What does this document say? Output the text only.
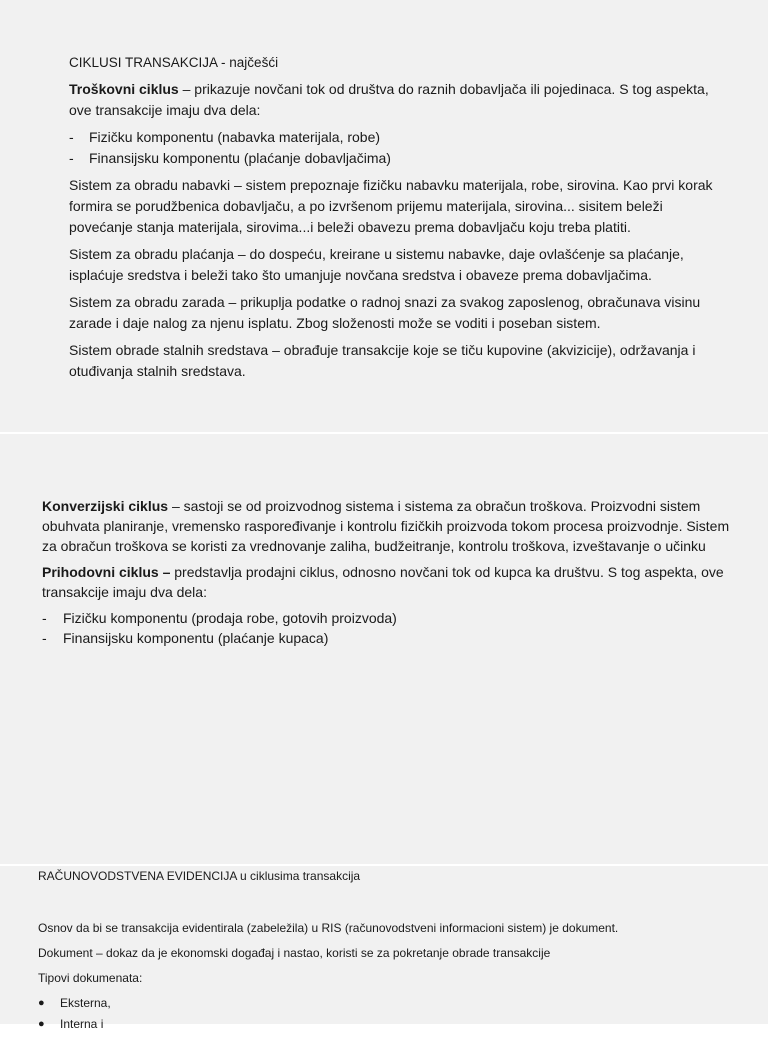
CIKLUSI TRANSAKCIJA - najčešći

Troškovni ciklus – prikazuje novčani tok od društva do raznih dobavljača ili pojedinaca. S tog aspekta, ove transakcije imaju dva dela:

- Fizičku komponentu (nabavka materijala, robe)
- Finansijsku komponentu (plaćanje dobavljačima)

Sistem za obradu nabavki – sistem prepoznaje fizičku nabavku materijala, robe, sirovina. Kao prvi korak formira se porudžbenica dobavljaču, a po izvršenom prijemu materijala, sirovina... sisitem beleži povećanje stanja materijala, sirovima...i beleži obavezu prema dobavljaču koju treba platiti.

Sistem za obradu plaćanja – do dospeću, kreirane u sistemu nabavke, daje ovlašćenje sa plaćanje, isplaćuje sredstva i beleži tako što umanjuje novčana sredstva i obaveze prema dobavljačima.

Sistem za obradu zarada – prikuplja podatke o radnoj snazi za svakog zaposlenog, obračunava visinu zarade i daje nalog za njenu isplatu. Zbog složenosti može se voditi i poseban sistem.

Sistem obrade stalnih sredstava – obrađuje transakcije koje se tiču kupovine (akvizicije), održavanja i otuđivanja stalnih sredstava.

Konverzijski ciklus – sastoji se od proizvodnog sistema i sistema za obračun troškova. Proizvodni sistem obuhvata planiranje, vremensko raspoređivanje i kontrolu fizičkih proizvoda tokom procesa proizvodnje. Sistem za obračun troškova se koristi za vrednovanje zaliha, budžeitranje, kontrolu troškova, izveštavanje o učinku

Prihodovni ciklus – predstavlja prodajni ciklus, odnosno novčani tok od kupca ka društvu. S tog aspekta, ove transakcije imaju dva dela:

- Fizičku komponentu (prodaja robe, gotovih proizvoda)
- Finansijsku komponentu (plaćanje kupaca)

RAČUNOVODSTVENA EVIDENCIJA u ciklusima transakcija

Osnov da bi se transakcija evidentirala (zabeležila) u RIS (računovodstveni informacioni sistem) je dokument.

Dokument – dokaz da je ekonomski događaj i nastao, koristi se za pokretanje obrade transakcije

Tipovi dokumenata:

● Eksterna,
● Interna i
